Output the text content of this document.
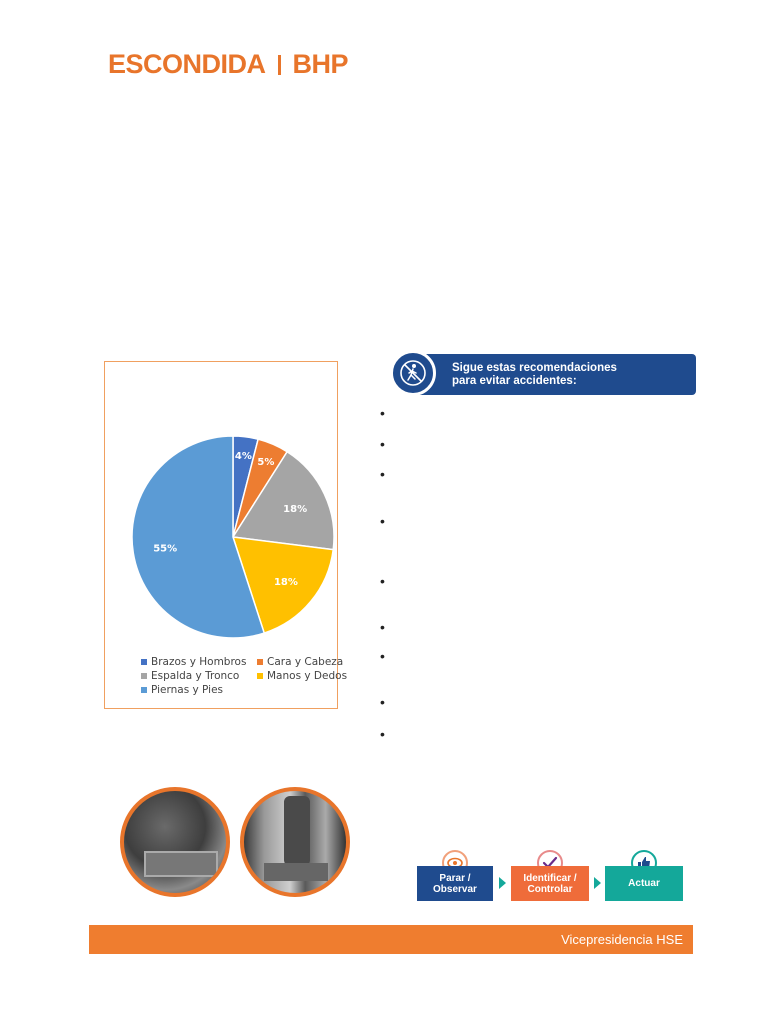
ESCONDIDA BHP
4%
5%
18%
18%
55%
Brazos y Hombros Cara y Cabeza
Espalda y Tronco	Manos y Dedos
Piernas y Pies
Sigue estas recomendaciones
para evitar accidentes:
•
•
•
•
•
•
•
•
•
Parar /
Observar
Identificar /
Controlar	Actuar
Vicepresidencia HSE
